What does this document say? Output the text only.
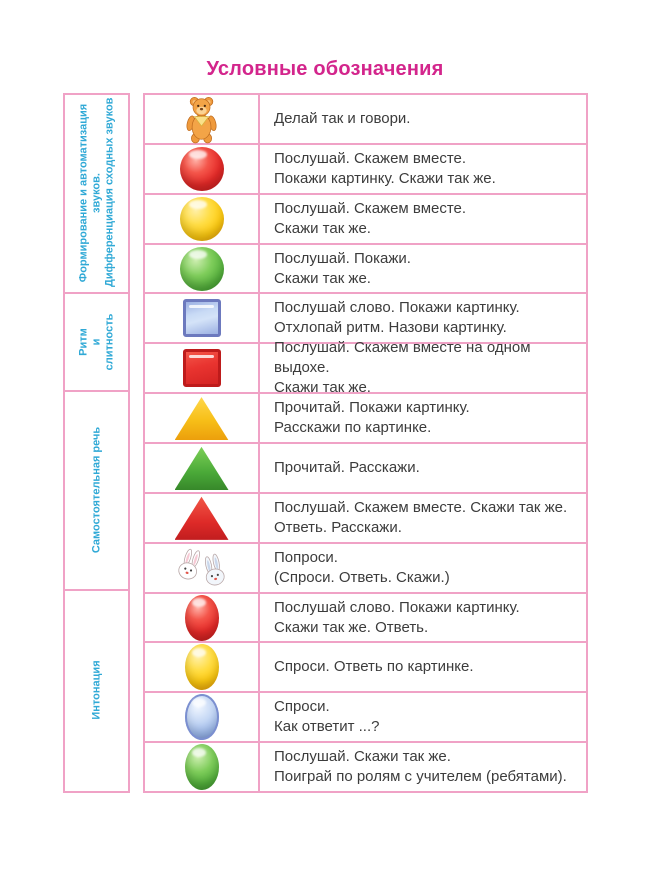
Условные обозначения
Формирование и автоматизация звуков. Дифференциация сходных звуков
Ритм и слитность
Самостоятельная речь
Интонация
Делай так и говори.
Послушай. Скажем вместе.
Покажи картинку. Скажи так же.
Послушай. Скажем вместе.
Скажи так же.
Послушай. Покажи.
Скажи так же.
Послушай слово. Покажи картинку.
Отхлопай ритм. Назови картинку.
Послушай. Скажем вместе на одном выдохе.
Скажи так же.
Прочитай. Покажи картинку.
Расскажи по картинке.
Прочитай. Расскажи.
Послушай. Скажем вместе. Скажи так же.
Ответь. Расскажи.
Попроси.
(Спроси. Ответь. Скажи.)
Послушай слово. Покажи картинку.
Скажи так же. Ответь.
Спроси. Ответь по картинке.
Спроси.
Как ответит ...?
Послушай. Скажи так же.
Поиграй по ролям с учителем (ребятами).
